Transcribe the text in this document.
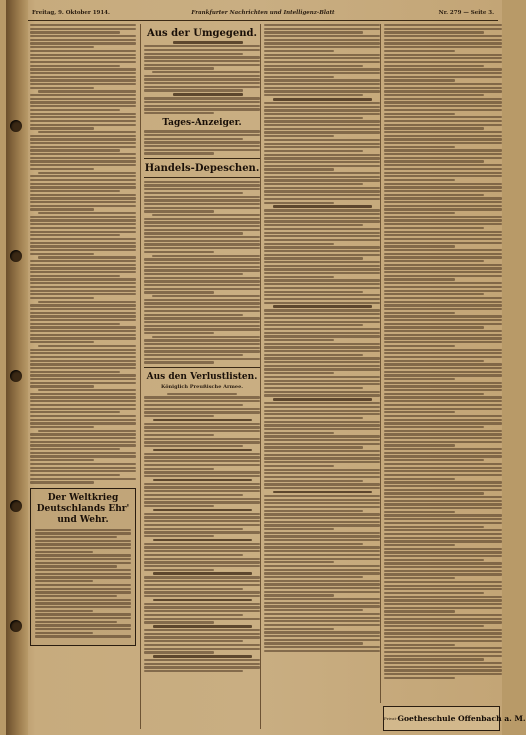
Freitag, 9. Oktober 1914.	Frankfurter Nachrichten und Intelligenz-Blatt	Nr. 279 — Seite 3.
Der Weltkrieg Deutschlands Ehr' und Wehr.
Aus der Umgegend.
Tages-Anzeiger.
Handels-Depeschen.
Aus den Verlustlisten.
Königlich Preußische Armee.
Privat- Goetheschule Offenbach a. M.
